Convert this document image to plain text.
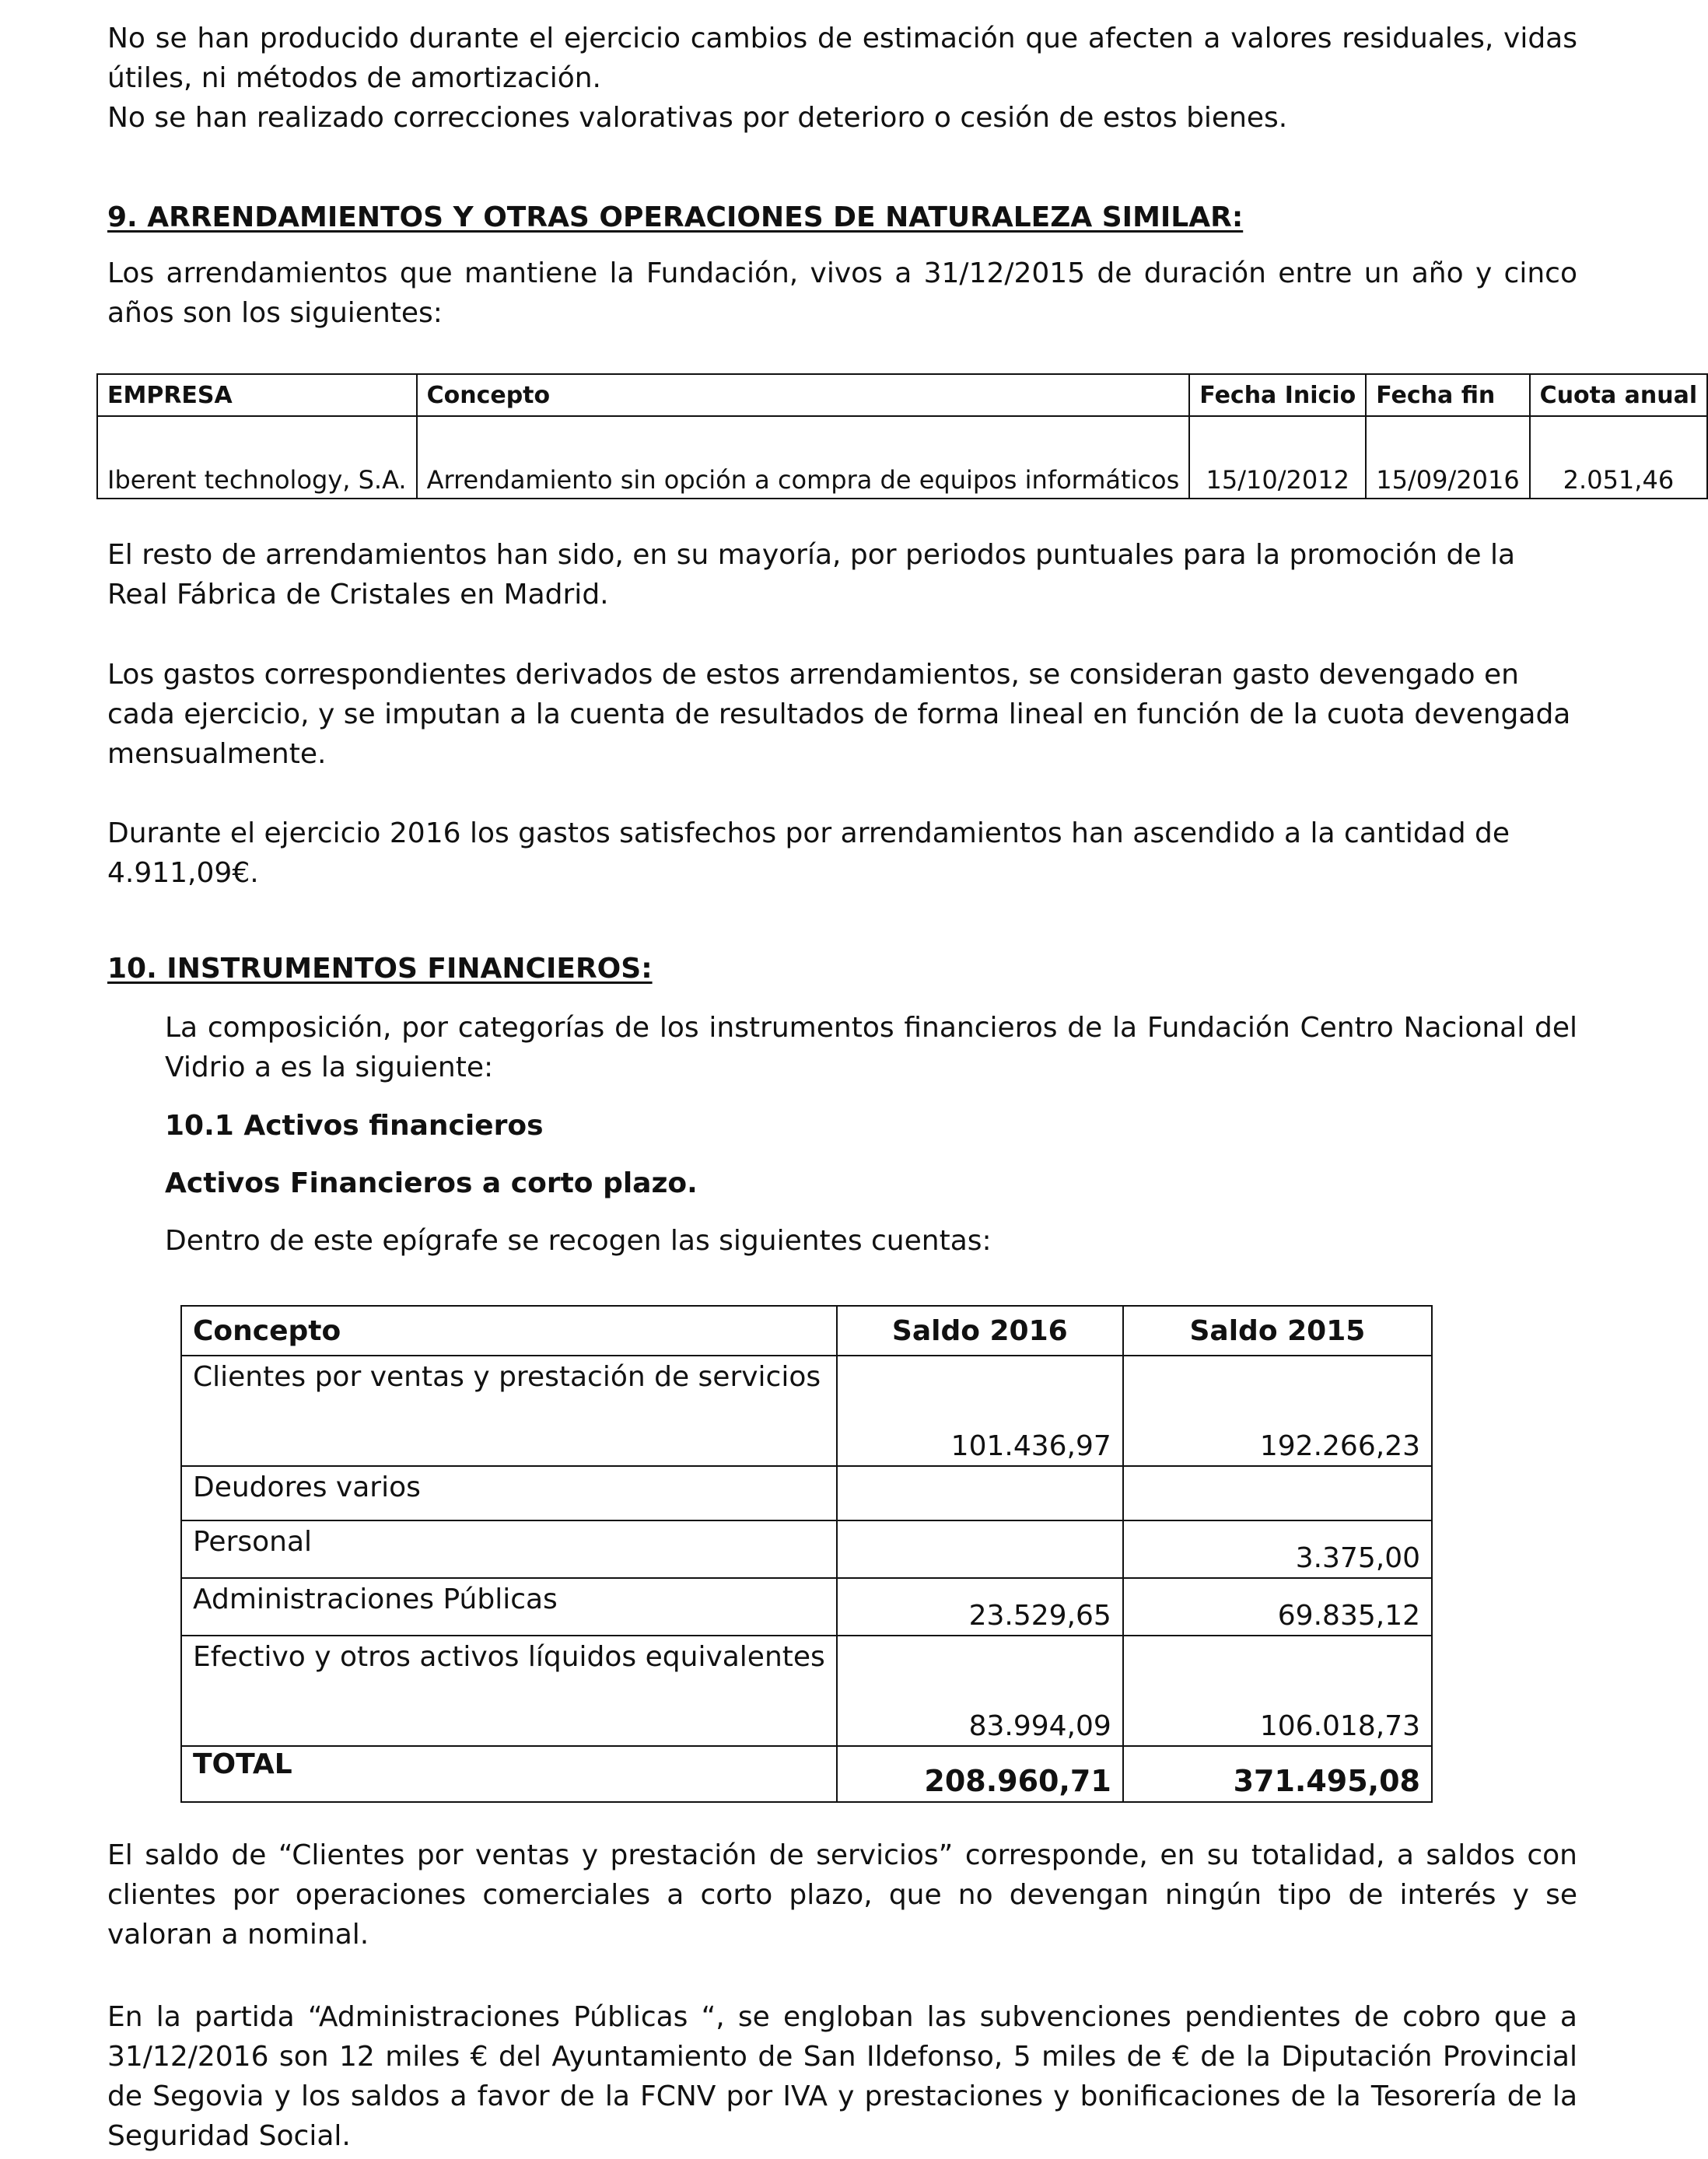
No se han producido durante el ejercicio cambios de estimación que afecten a valores residuales, vidas útiles, ni métodos de amortización.

No se han realizado correcciones valorativas por deterioro o cesión de estos bienes.

9. ARRENDAMIENTOS Y OTRAS OPERACIONES DE NATURALEZA SIMILAR:

Los arrendamientos que mantiene la Fundación, vivos a 31/12/2015 de duración entre un año y cinco años son los siguientes:

EMPRESA	Concepto	Fecha Inicio	Fecha fin	Cuota anual
Iberent technology, S.A.	Arrendamiento sin opción a compra de equipos informáticos	15/10/2012	15/09/2016	2.051,46

El resto de arrendamientos han sido, en su mayoría, por periodos puntuales para la promoción de la Real Fábrica de Cristales en Madrid.

Los gastos correspondientes derivados de estos arrendamientos, se consideran gasto devengado en cada ejercicio, y se imputan a la cuenta de resultados de forma lineal en función de la cuota devengada mensualmente.

Durante el ejercicio 2016 los gastos satisfechos por arrendamientos han ascendido a la cantidad de 4.911,09€.

10. INSTRUMENTOS FINANCIEROS:

La composición, por categorías de los instrumentos financieros de la Fundación Centro Nacional del Vidrio a es la siguiente:

10.1 Activos financieros

Activos Financieros a corto plazo.

Dentro de este epígrafe se recogen las siguientes cuentas:

Concepto	Saldo 2016	Saldo 2015
Clientes por ventas y prestación de servicios	101.436,97	192.266,23
Deudores varios		
Personal		3.375,00
Administraciones Públicas	23.529,65	69.835,12
Efectivo y otros activos líquidos equivalentes	83.994,09	106.018,73
TOTAL	208.960,71	371.495,08

El saldo de “Clientes por ventas y prestación de servicios” corresponde, en su totalidad, a saldos con clientes por operaciones comerciales a corto plazo, que no devengan ningún tipo de interés y se valoran a nominal.

En la partida “Administraciones Públicas “, se engloban las subvenciones pendientes de cobro que a 31/12/2016 son 12 miles € del Ayuntamiento de San Ildefonso, 5 miles de € de la Diputación Provincial de Segovia y los saldos a favor de la FCNV por IVA y prestaciones y bonificaciones de la Tesorería de la Seguridad Social.
